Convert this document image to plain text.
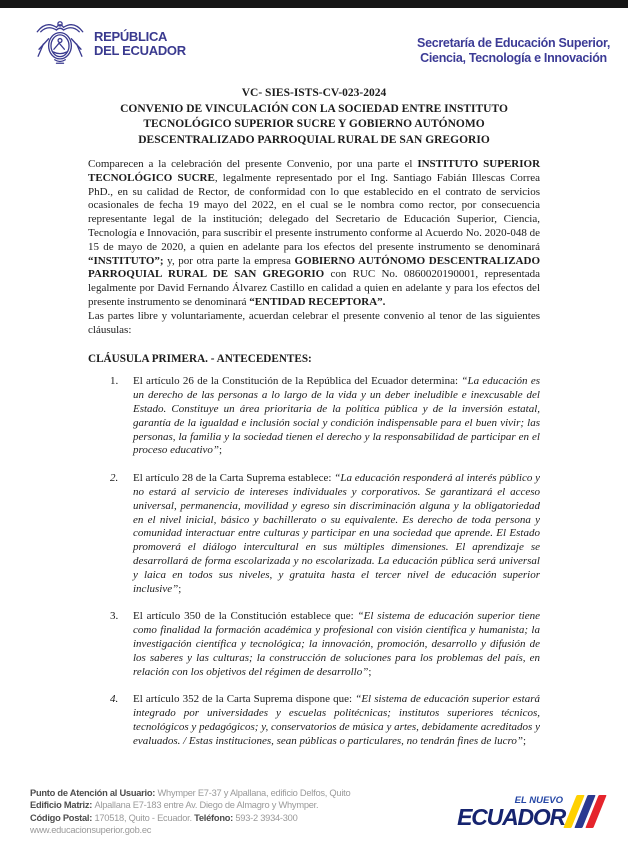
REPÚBLICA
DEL ECUADOR	Secretaría de Educación Superior,
Ciencia, Tecnología e Innovación
VC- SIES-ISTS-CV-023-2024
CONVENIO DE VINCULACIÓN CON LA SOCIEDAD ENTRE INSTITUTO TECNOLÓGICO SUPERIOR SUCRE Y GOBIERNO AUTÓNOMO DESCENTRALIZADO PARROQUIAL RURAL DE SAN GREGORIO

Comparecen a la celebración del presente Convenio, por una parte el INSTITUTO SUPERIOR TECNOLÓGICO SUCRE, legalmente representado por el Ing. Santiago Fabián Illescas Correa PhD., en su calidad de Rector, de conformidad con lo que establecido en el contrato de servicios ocasionales de fecha 19 mayo del 2022, en el cual se le nombra como rector, por consecuencia representante legal de la institución; delegado del Secretario de Educación Superior, Ciencia, Tecnología e Innovación, para suscribir el presente instrumento conforme al Acuerdo No. 2020-048 de 15 de mayo de 2020, a quien en adelante para los efectos del presente instrumento se denominará “INSTITUTO”; y, por otra parte la empresa GOBIERNO AUTÓNOMO DESCENTRALIZADO PARROQUIAL RURAL DE SAN GREGORIO con RUC No. 0860020190001, representada legalmente por David Fernando Álvarez Castillo en calidad a quien en adelante y para los efectos del presente instrumento se denominará “ENTIDAD RECEPTORA”.

Las partes libre y voluntariamente, acuerdan celebrar el presente convenio al tenor de las siguientes cláusulas:

CLÁUSULA PRIMERA. - ANTECEDENTES:
1.	El artículo 26 de la Constitución de la República del Ecuador determina: “La educación es un derecho de las personas a lo largo de la vida y un deber ineludible e inexcusable del Estado. Constituye un área prioritaria de la política pública y de la inversión estatal, garantía de la igualdad e inclusión social y condición indispensable para el buen vivir; las personas, la familia y la sociedad tienen el derecho y la responsabilidad de participar en el proceso educativo”;
2.	El artículo 28 de la Carta Suprema establece: “La educación responderá al interés público y no estará al servicio de intereses individuales y corporativos. Se garantizará el acceso universal, permanencia, movilidad y egreso sin discriminación alguna y la obligatoriedad en el nivel inicial, básico y bachillerato o su equivalente. Es derecho de toda persona y comunidad interactuar entre culturas y participar en una sociedad que aprende. El Estado promoverá el diálogo intercultural en sus múltiples dimensiones. El aprendizaje se desarrollará de forma escolarizada y no escolarizada. La educación pública será universal y laica en todos sus niveles, y gratuita hasta el tercer nivel de educación superior inclusive”;
3.	El artículo 350 de la Constitución establece que: “El sistema de educación superior tiene como finalidad la formación académica y profesional con visión científica y humanista; la investigación científica y tecnológica; la innovación, promoción, desarrollo y difusión de los saberes y las culturas; la construcción de soluciones para los problemas del país, en relación con los objetivos del régimen de desarrollo”;
4.	El artículo 352 de la Carta Suprema dispone que: “El sistema de educación superior estará integrado por universidades y escuelas politécnicas; institutos superiores técnicos, tecnológicos y pedagógicos; y, conservatorios de música y artes, debidamente acreditados y evaluados. / Estas instituciones, sean públicas o particulares, no tendrán fines de lucro”;
Punto de Atención al Usuario: Whymper E7-37 y Alpallana, edificio Delfos, Quito
Edificio Matriz: Alpallana E7-183 entre Av. Diego de Almagro y Whymper.
Código Postal: 170518, Quito - Ecuador. Teléfono: 593-2 3934-300
www.educacionsuperior.gob.ec
EL NUEVO
ECUADOR
